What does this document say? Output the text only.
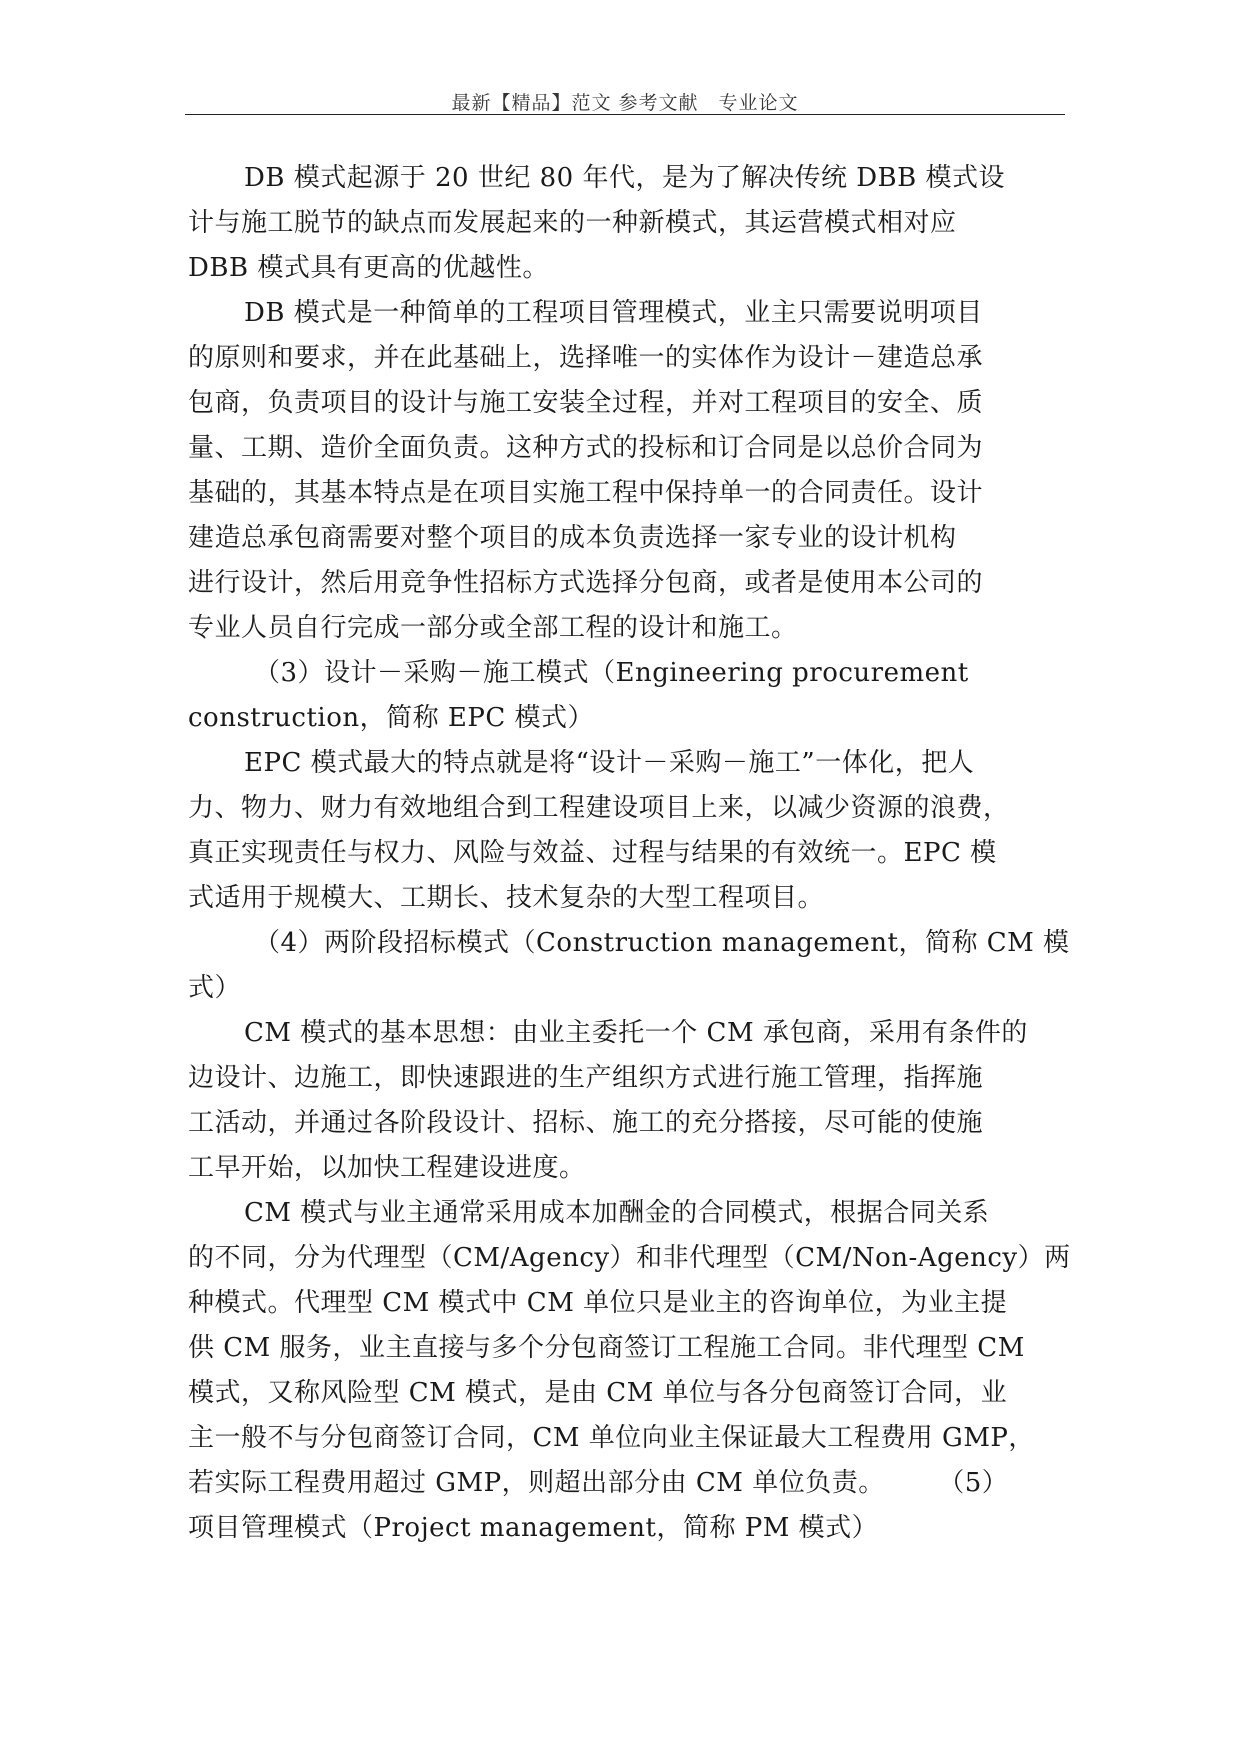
最新【精品】范文 参考文献　专业论文
DB 模式起源于 20 世纪 80 年代，是为了解决传统 DBB 模式设
计与施工脱节的缺点而发展起来的一种新模式，其运营模式相对应
DBB 模式具有更高的优越性。
DB 模式是一种简单的工程项目管理模式，业主只需要说明项目
的原则和要求，并在此基础上，选择唯一的实体作为设计－建造总承
包商，负责项目的设计与施工安装全过程，并对工程项目的安全、质
量、工期、造价全面负责。这种方式的投标和订合同是以总价合同为
基础的，其基本特点是在项目实施工程中保持单一的合同责任。设计
建造总承包商需要对整个项目的成本负责选择一家专业的设计机构
进行设计，然后用竞争性招标方式选择分包商，或者是使用本公司的
专业人员自行完成一部分或全部工程的设计和施工。
（3）设计－采购－施工模式（Engineering procurement
construction，简称 EPC 模式）
EPC 模式最大的特点就是将“设计－采购－施工”一体化，把人
力、物力、财力有效地组合到工程建设项目上来，以减少资源的浪费，
真正实现责任与权力、风险与效益、过程与结果的有效统一。EPC 模
式适用于规模大、工期长、技术复杂的大型工程项目。
（4）两阶段招标模式（Construction management，简称 CM 模
式）
CM 模式的基本思想：由业主委托一个 CM 承包商，采用有条件的
边设计、边施工，即快速跟进的生产组织方式进行施工管理，指挥施
工活动，并通过各阶段设计、招标、施工的充分搭接，尽可能的使施
工早开始，以加快工程建设进度。
CM 模式与业主通常采用成本加酬金的合同模式，根据合同关系
的不同，分为代理型（CM/Agency）和非代理型（CM/Non-Agency）两
种模式。代理型 CM 模式中 CM 单位只是业主的咨询单位，为业主提
供 CM 服务，业主直接与多个分包商签订工程施工合同。非代理型 CM
模式，又称风险型 CM 模式，是由 CM 单位与各分包商签订合同，业
主一般不与分包商签订合同，CM 单位向业主保证最大工程费用 GMP，
若实际工程费用超过 GMP，则超出部分由 CM 单位负责。　　　（5）
项目管理模式（Project management，简称 PM 模式）
